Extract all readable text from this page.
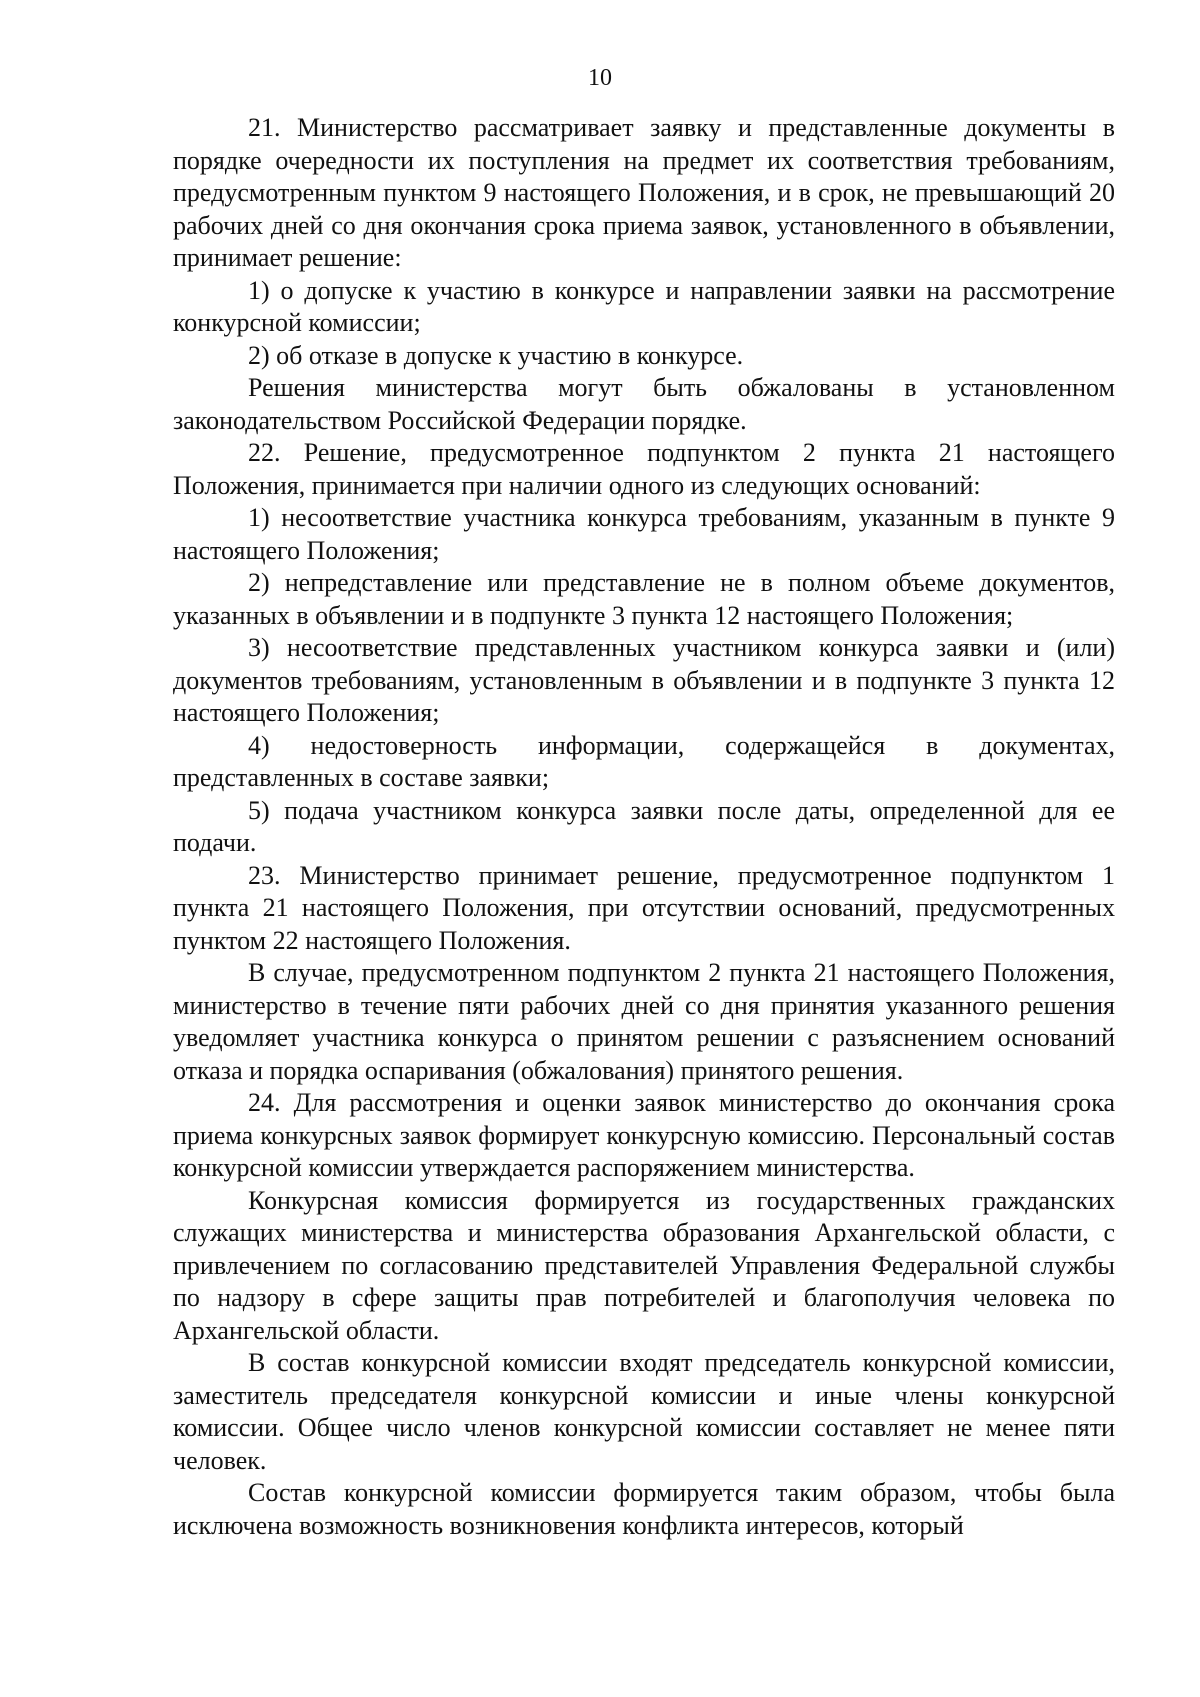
10

21. Министерство рассматривает заявку и представленные документы в порядке очередности их поступления на предмет их соответствия требованиям, предусмотренным пунктом 9 настоящего Положения, и в срок, не превышающий 20 рабочих дней со дня окончания срока приема заявок, установленного в объявлении, принимает решение:

1) о допуске к участию в конкурсе и направлении заявки на рассмотрение конкурсной комиссии;

2) об отказе в допуске к участию в конкурсе.

Решения министерства могут быть обжалованы в установленном законодательством Российской Федерации порядке.

22. Решение, предусмотренное подпунктом 2 пункта 21 настоящего Положения, принимается при наличии одного из следующих оснований:

1) несоответствие участника конкурса требованиям, указанным в пункте 9 настоящего Положения;

2) непредставление или представление не в полном объеме документов, указанных в объявлении и в подпункте 3 пункта 12 настоящего Положения;

3) несоответствие представленных участником конкурса заявки и (или) документов требованиям, установленным в объявлении и в подпункте 3 пункта 12 настоящего Положения;

4) недостоверность информации, содержащейся в документах, представленных в составе заявки;

5) подача участником конкурса заявки после даты, определенной для ее подачи.

23. Министерство принимает решение, предусмотренное подпунктом 1 пункта 21 настоящего Положения, при отсутствии оснований, предусмотренных пунктом 22 настоящего Положения.

В случае, предусмотренном подпунктом 2 пункта 21 настоящего Положения, министерство в течение пяти рабочих дней со дня принятия указанного решения уведомляет участника конкурса о принятом решении с разъяснением оснований отказа и порядка оспаривания (обжалования) принятого решения.

24. Для рассмотрения и оценки заявок министерство до окончания срока приема конкурсных заявок формирует конкурсную комиссию. Персональный состав конкурсной комиссии утверждается распоряжением министерства.

Конкурсная комиссия формируется из государственных гражданских служащих министерства и министерства образования Архангельской области, с привлечением по согласованию представителей Управления Федеральной службы по надзору в сфере защиты прав потребителей и благополучия человека по Архангельской области.

В состав конкурсной комиссии входят председатель конкурсной комиссии, заместитель председателя конкурсной комиссии и иные члены конкурсной комиссии. Общее число членов конкурсной комиссии составляет не менее пяти человек.

Состав конкурсной комиссии формируется таким образом, чтобы была исключена возможность возникновения конфликта интересов, который
